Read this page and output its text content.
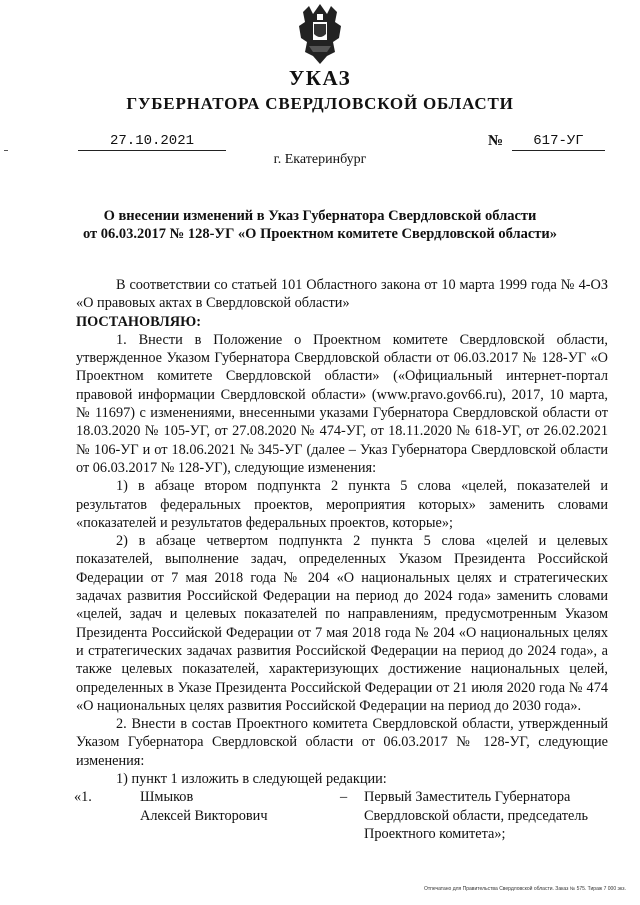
УКАЗ
ГУБЕРНАТОРА СВЕРДЛОВСКОЙ ОБЛАСТИ
27.10.2021	№	617-УГ
г. Екатеринбург
О внесении изменений в Указ Губернатора Свердловской области
от 06.03.2017 № 128-УГ «О Проектном комитете Свердловской области»

В соответствии со статьей 101 Областного закона от 10 марта 1999 года № 4-ОЗ «О правовых актах в Свердловской области»

ПОСТАНОВЛЯЮ:

1. Внести в Положение о Проектном комитете Свердловской области, утвержденное Указом Губернатора Свердловской области от 06.03.2017 № 128-УГ «О Проектном комитете Свердловской области» («Официальный интернет-портал правовой информации Свердловской области» (www.pravo.gov66.ru), 2017, 10 марта, № 11697) с изменениями, внесенными указами Губернатора Свердловской области от 18.03.2020 № 105-УГ, от 27.08.2020 № 474-УГ, от 18.11.2020 № 618-УГ, от 26.02.2021 № 106-УГ и от 18.06.2021 № 345-УГ (далее – Указ Губернатора Свердловской области от 06.03.2017 № 128-УГ), следующие изменения:

1) в абзаце втором подпункта 2 пункта 5 слова «целей, показателей и результатов федеральных проектов, мероприятия которых» заменить словами «показателей и результатов федеральных проектов, которые»;

2) в абзаце четвертом подпункта 2 пункта 5 слова «целей и целевых показателей, выполнение задач, определенных Указом Президента Российской Федерации от 7 мая 2018 года № 204 «О национальных целях и стратегических задачах развития Российской Федерации на период до 2024 года» заменить словами «целей, задач и целевых показателей по направлениям, предусмотренным Указом Президента Российской Федерации от 7 мая 2018 года № 204 «О национальных целях и стратегических задачах развития Российской Федерации на период до 2024 года», а также целевых показателей, характеризующих достижение национальных целей, определенных в Указе Президента Российской Федерации от 21 июля 2020 года № 474 «О национальных целях развития Российской Федерации на период до 2030 года».

2. Внести в состав Проектного комитета Свердловской области, утвержденный Указом Губернатора Свердловской области от 06.03.2017 № 128-УГ, следующие изменения:

1) пункт 1 изложить в следующей редакции:

«1.	Шмыков
Алексей Викторович
– Первый Заместитель Губернатора Свердловской области, председатель Проектного комитета»;
Отпечатано для Правительства Свердловской области. Заказ № 575. Тираж 7 000 экз.
